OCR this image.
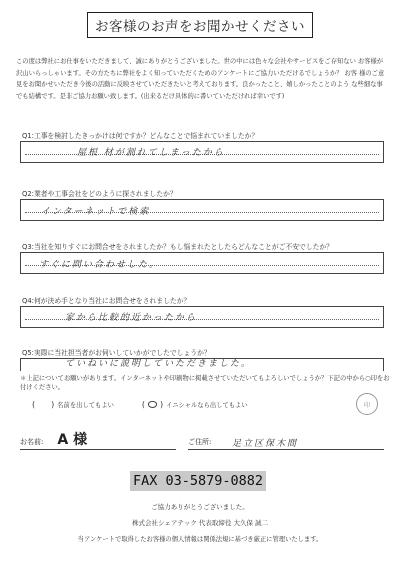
お客様のお声をお聞かせください

この度は弊社にお仕事をいただきまして、誠にありがとうございました。世の中には色々な会社やサービスをご存知ない お客様が沢山いらっしゃいます。その方たちに弊社をよく知っていただくためのアンケートにご協力いただけるでしょうか？ お客 様のご意見をお聞かせいただき今後の活動に反映させていただきたいと考えております。良かったこと、嬉しかったことのよう な些細な事でも結構です。是非ご協力お願い致します。(出来るだけ具体的に書いていただければ幸いです)

Q1:工事を検討したきっかけは何ですか？どんなことで悩まれていましたか？
屋根 材が割れてしまったから
Q2:業者や工事会社をどのように探されましたか？
インターネットで検索
Q3:当社を知りすぐにお問合せをされましたか？もし悩まれたとしたらどんなことがご不安でしたか？
すぐに問い合わせした。
Q4:何が決め手となり当社にお問合せをされましたか？
家から比較的近かったから
Q5:実際に当社担当者がお伺いしていかがでしたでしょうか？
ていねいに説明していただきました。

＊上記についてお願いがあります。インターネットや印刷物に掲載させていただいてもよろしいでしょうか？下記の中から○印をお付けください。

(　　) 名前を出してもよい	( ) イニシャルなら出してもよい	印
お名前: A 様	ご住所: 足立区保木間
FAX 03-5879-0882
ご協力ありがとうございました。
株式会社シェアテック 代表取締役 大久保 誠二
当アンケートで取得したお客様の個人情報は関係法規に基づき厳正に管理いたします。
